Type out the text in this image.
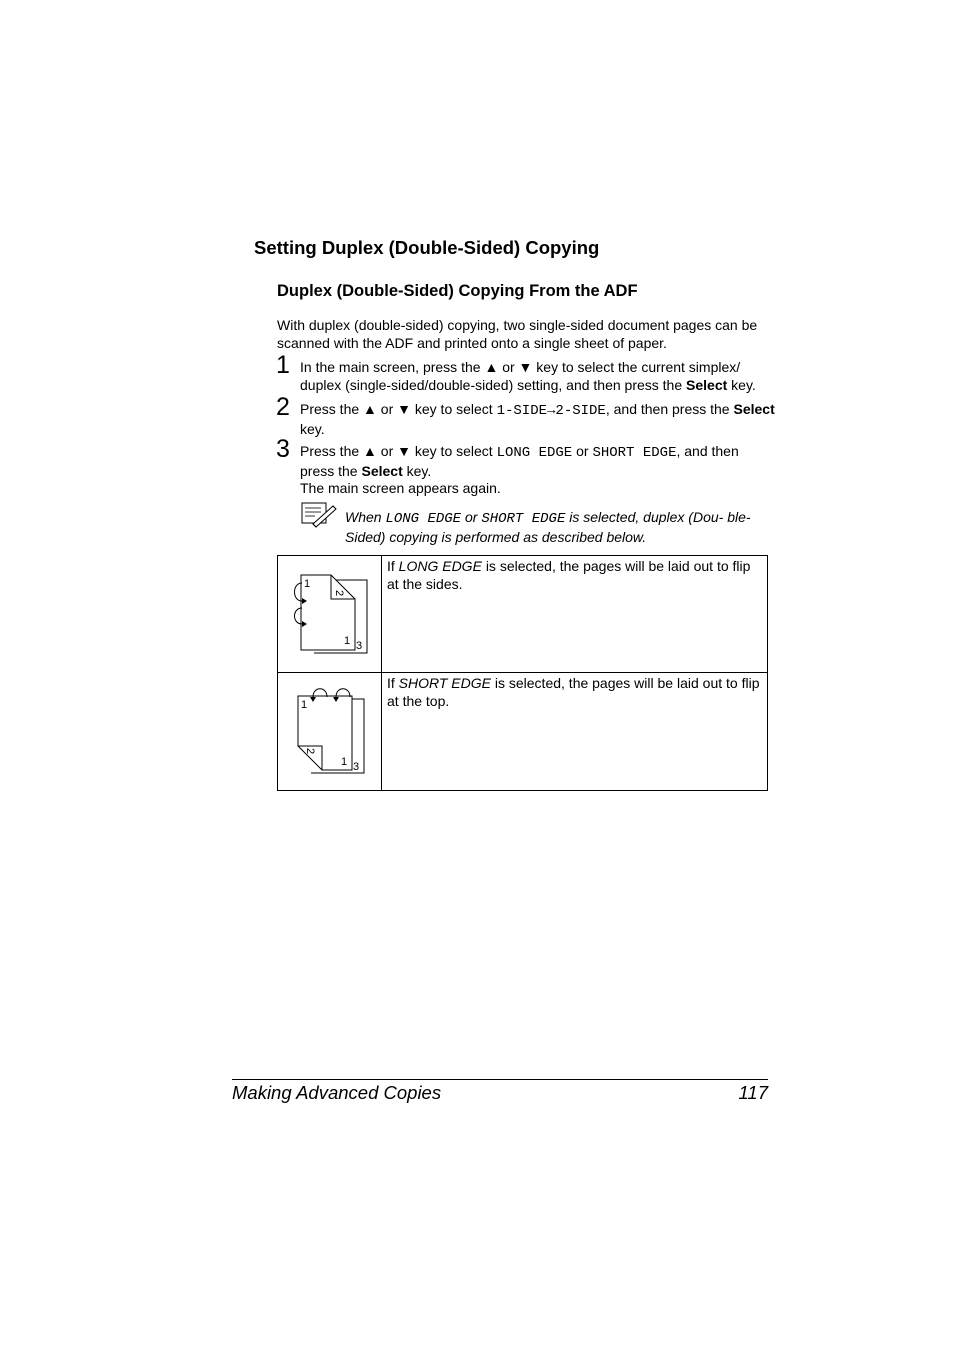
Setting Duplex (Double-Sided) Copying
Duplex (Double-Sided) Copying From the ADF
With duplex (double-sided) copying, two single-sided document pages can be scanned with the ADF and printed onto a single sheet of paper.
1 In the main screen, press the ▲ or ▼ key to select the current simplex/ duplex (single-sided/double-sided) setting, and then press the Select key.
2 Press the ▲ or ▼ key to select 1-SIDE→2-SIDE, and then press the Select key.
3 Press the ▲ or ▼ key to select LONG EDGE or SHORT EDGE, and then press the Select key.
The main screen appears again.
When LONG EDGE or SHORT EDGE is selected, duplex (Dou- ble-Sided) copying is performed as described below.
1
2
1 3	If LONG EDGE is selected, the pages will be laid out to flip at the sides.

1
2
1 3	If SHORT EDGE is selected, the pages will be laid out to flip at the top.
Making Advanced Copies	117
